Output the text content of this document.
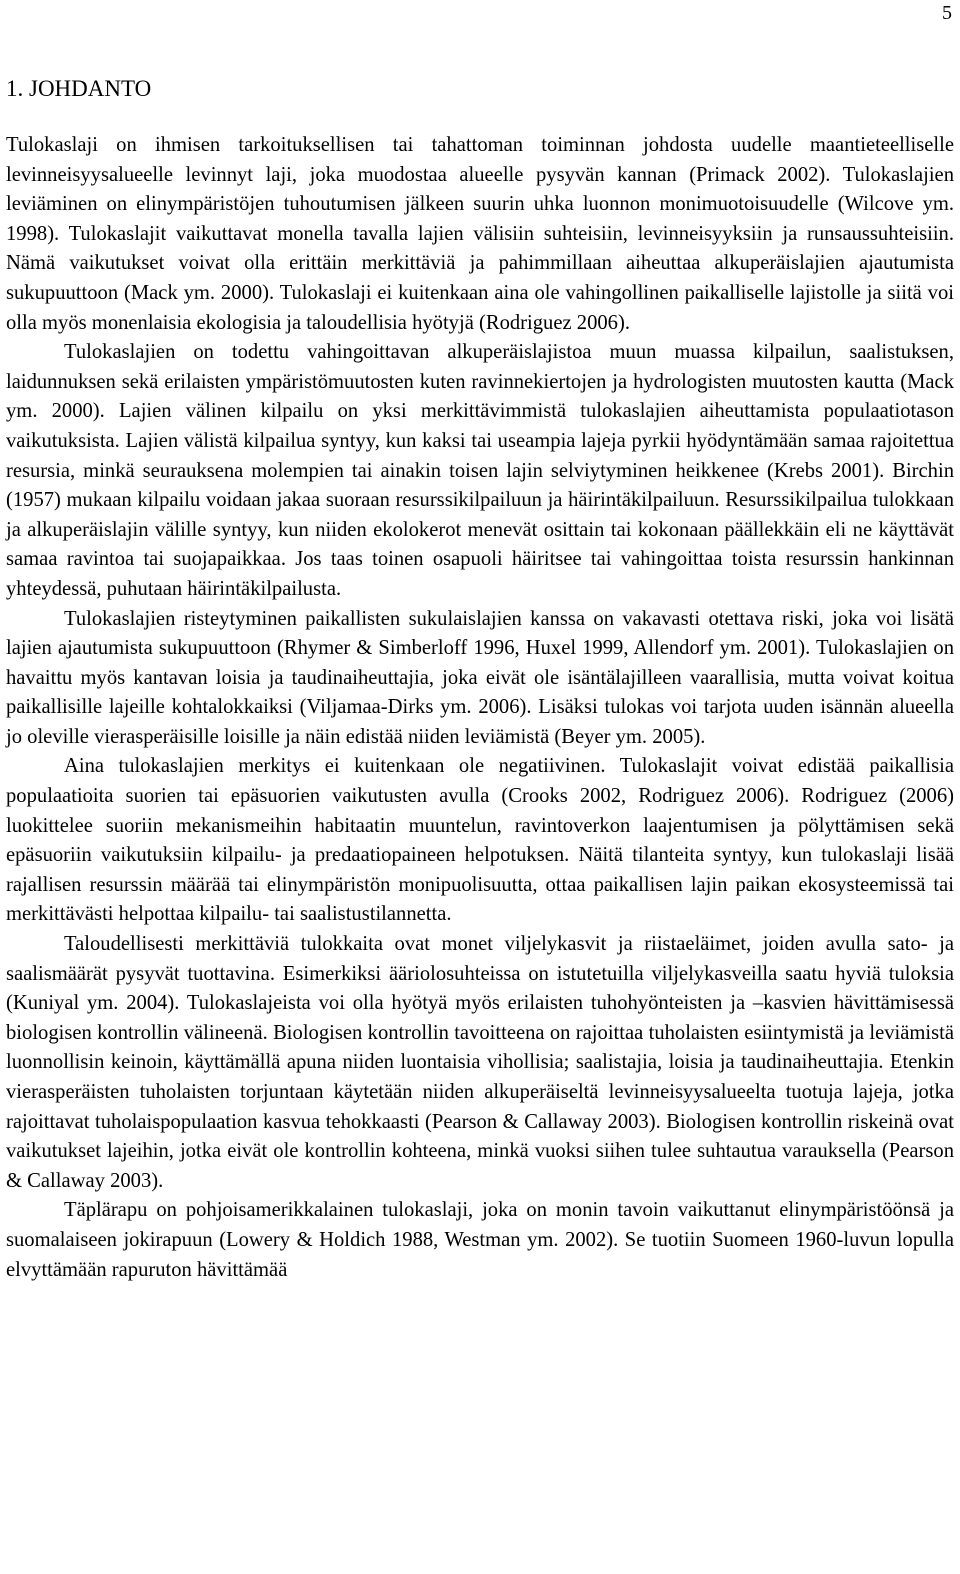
5
1. JOHDANTO

Tulokaslaji on ihmisen tarkoituksellisen tai tahattoman toiminnan johdosta uudelle maantieteelliselle levinneisyysalueelle levinnyt laji, joka muodostaa alueelle pysyvän kannan (Primack 2002). Tulokaslajien leviäminen on elinympäristöjen tuhoutumisen jälkeen suurin uhka luonnon monimuotoisuudelle (Wilcove ym. 1998). Tulokaslajit vaikuttavat monella tavalla lajien välisiin suhteisiin, levinneisyyksiin ja runsaussuhteisiin. Nämä vaikutukset voivat olla erittäin merkittäviä ja pahimmillaan aiheuttaa alkuperäislajien ajautumista sukupuuttoon (Mack ym. 2000). Tulokaslaji ei kuitenkaan aina ole vahingollinen paikalliselle lajistolle ja siitä voi olla myös monenlaisia ekologisia ja taloudellisia hyötyjä (Rodriguez 2006).

Tulokaslajien on todettu vahingoittavan alkuperäislajistoa muun muassa kilpailun, saalistuksen, laidunnuksen sekä erilaisten ympäristömuutosten kuten ravinnekiertojen ja hydrologisten muutosten kautta (Mack ym. 2000). Lajien välinen kilpailu on yksi merkittävimmistä tulokaslajien aiheuttamista populaatiotason vaikutuksista. Lajien välistä kilpailua syntyy, kun kaksi tai useampia lajeja pyrkii hyödyntämään samaa rajoitettua resursia, minkä seurauksena molempien tai ainakin toisen lajin selviytyminen heikkenee (Krebs 2001). Birchin (1957) mukaan kilpailu voidaan jakaa suoraan resurssikilpailuun ja häirintäkilpailuun. Resurssikilpailua tulokkaan ja alkuperäislajin välille syntyy, kun niiden ekolokerot menevät osittain tai kokonaan päällekkäin eli ne käyttävät samaa ravintoa tai suojapaikkaa. Jos taas toinen osapuoli häiritsee tai vahingoittaa toista resurssin hankinnan yhteydessä, puhutaan häirintäkilpailusta.

Tulokaslajien risteytyminen paikallisten sukulaislajien kanssa on vakavasti otettava riski, joka voi lisätä lajien ajautumista sukupuuttoon (Rhymer & Simberloff 1996, Huxel 1999, Allendorf ym. 2001). Tulokaslajien on havaittu myös kantavan loisia ja taudinaiheuttajia, joka eivät ole isäntälajilleen vaarallisia, mutta voivat koitua paikallisille lajeille kohtalokkaiksi (Viljamaa-Dirks ym. 2006). Lisäksi tulokas voi tarjota uuden isännän alueella jo oleville vierasperäisille loisille ja näin edistää niiden leviämistä (Beyer ym. 2005).

Aina tulokaslajien merkitys ei kuitenkaan ole negatiivinen. Tulokaslajit voivat edistää paikallisia populaatioita suorien tai epäsuorien vaikutusten avulla (Crooks 2002, Rodriguez 2006). Rodriguez (2006) luokittelee suoriin mekanismeihin habitaatin muuntelun, ravintoverkon laajentumisen ja pölyttämisen sekä epäsuoriin vaikutuksiin kilpailu- ja predaatiopaineen helpotuksen. Näitä tilanteita syntyy, kun tulokaslaji lisää rajallisen resurssin määrää tai elinympäristön monipuolisuutta, ottaa paikallisen lajin paikan ekosysteemissä tai merkittävästi helpottaa kilpailu- tai saalistustilannetta.

Taloudellisesti merkittäviä tulokkaita ovat monet viljelykasvit ja riistaeläimet, joiden avulla sato- ja saalismäärät pysyvät tuottavina. Esimerkiksi ääriolosuhteissa on istutetuilla viljelykasveilla saatu hyviä tuloksia (Kuniyal ym. 2004). Tulokaslajeista voi olla hyötyä myös erilaisten tuhohyönteisten ja –kasvien hävittämisessä biologisen kontrollin välineenä. Biologisen kontrollin tavoitteena on rajoittaa tuholaisten esiintymistä ja leviämistä luonnollisin keinoin, käyttämällä apuna niiden luontaisia vihollisia; saalistajia, loisia ja taudinaiheuttajia. Etenkin vierasperäisten tuholaisten torjuntaan käytetään niiden alkuperäiseltä levinneisyysalueelta tuotuja lajeja, jotka rajoittavat tuholaispopulaation kasvua tehokkaasti (Pearson & Callaway 2003). Biologisen kontrollin riskeinä ovat vaikutukset lajeihin, jotka eivät ole kontrollin kohteena, minkä vuoksi siihen tulee suhtautua varauksella (Pearson & Callaway 2003).

Täplärapu on pohjoisamerikkalainen tulokaslaji, joka on monin tavoin vaikuttanut elinympäristöönsä ja suomalaiseen jokirapuun (Lowery & Holdich 1988, Westman ym. 2002). Se tuotiin Suomeen 1960-luvun lopulla elvyttämään rapuruton hävittämää
